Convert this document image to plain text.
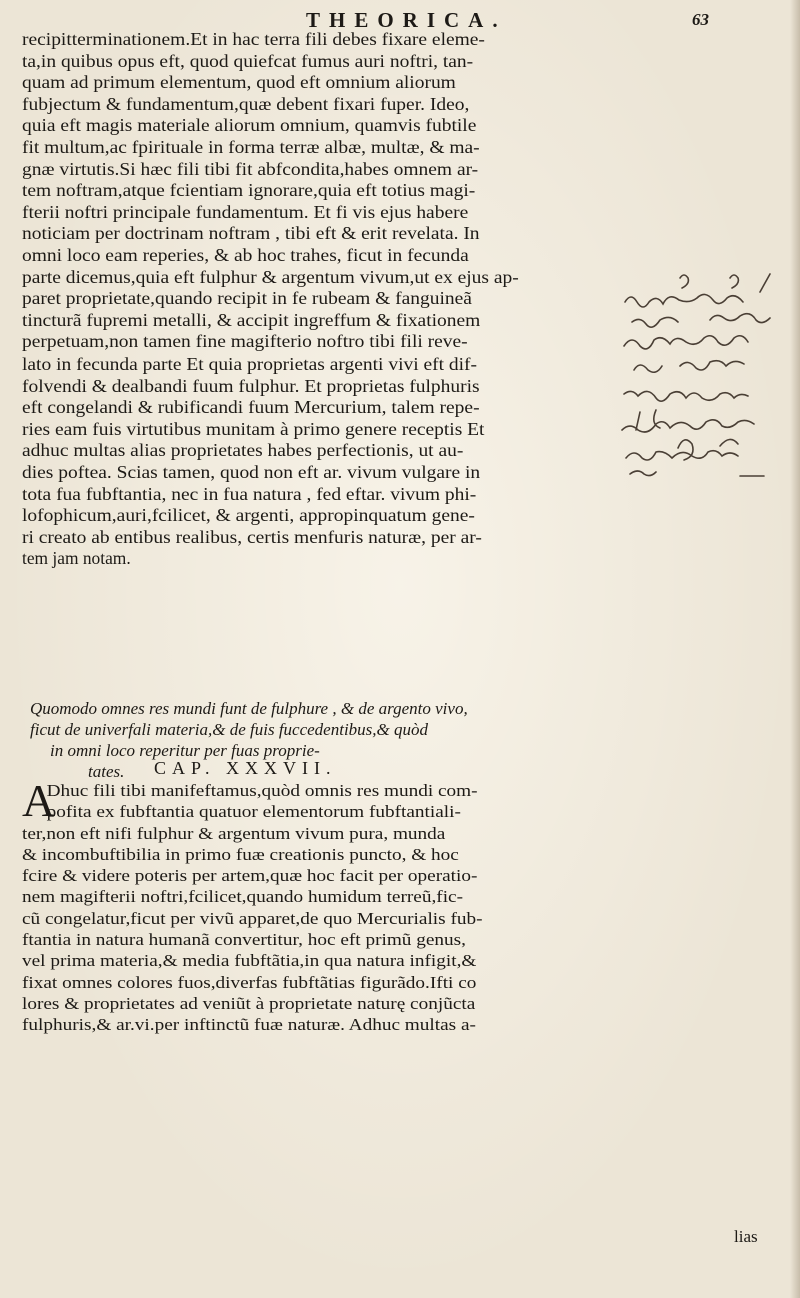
THEORICA.	63
recipitterminationem.Et in hac terra fili debes fixare eleme-
ta,in quibus opus eft, quod quiefcat fumus auri noftri, tan-
quam ad primum elementum, quod eft omnium aliorum
fubjectum & fundamentum,quæ debent fixari fuper. Ideo,
quia eft magis materiale aliorum omnium, quamvis fubtile
fit multum,ac fpirituale in forma terræ albæ, multæ, & ma-
gnæ virtutis.Si hæc fili tibi fit abfcondita,habes omnem ar-
tem noftram,atque fcientiam ignorare,quia eft totius magi-
fterii noftri principale fundamentum. Et fi vis ejus habere
noticiam per doctrinam noftram , tibi eft & erit revelata. In
omni loco eam reperies, & ab hoc trahes, ficut in fecunda
parte dicemus,quia eft fulphur & argentum vivum,ut ex ejus ap-
paret proprietate,quando recipit in fe rubeam & fanguineã
tincturã fupremi metalli, & accipit ingreffum & fixationem
perpetuam,non tamen fine magifterio noftro tibi fili reve-
lato in fecunda parte Et quia proprietas argenti vivi eft dif-
folvendi & dealbandi fuum fulphur. Et proprietas fulphuris
eft congelandi & rubificandi fuum Mercurium, talem repe-
ries eam fuis virtutibus munitam à primo genere receptis Et
adhuc multas alias proprietates habes perfectionis, ut au-
dies poftea. Scias tamen, quod non eft ar. vivum vulgare in
tota fua fubftantia, nec in fua natura , fed eftar. vivum phi-
lofophicum,auri,fcilicet, & argenti, appropinquatum gene-
ri creato ab entibus realibus, certis menfuris naturæ, per ar-
tem jam notam.
Quomodo omnes res mundi funt de fulphure , & de argento vivo,
ficut de univerfali materia,& de fuis fuccedentibus,& quòd
in omni loco reperitur per fuas proprie-
tates.	CAP. XXXVII.
A
Dhuc fili tibi manifeftamus,quòd omnis res mundi com-
pofita ex fubftantia quatuor elementorum fubftantiali-
ter,non eft nifi fulphur & argentum vivum pura, munda
& incombuftibilia in primo fuæ creationis puncto, & hoc
fcire & videre poteris per artem,quæ hoc facit per operatio-
nem magifterii noftri,fcilicet,quando humidum terreũ,fic-
cũ congelatur,ficut per vivũ apparet,de quo Mercurialis fub-
ftantia in natura humanã convertitur, hoc eft primũ genus,
vel prima materia,& media fubftãtia,in qua natura infigit,&
fixat omnes colores fuos,diverfas fubftãtias figurãdo.Ifti co
lores & proprietates ad veniũt à proprietate naturę conjũcta
fulphuris,& ar.vi.per inftinctũ fuæ naturæ. Adhuc multas a-
lias
